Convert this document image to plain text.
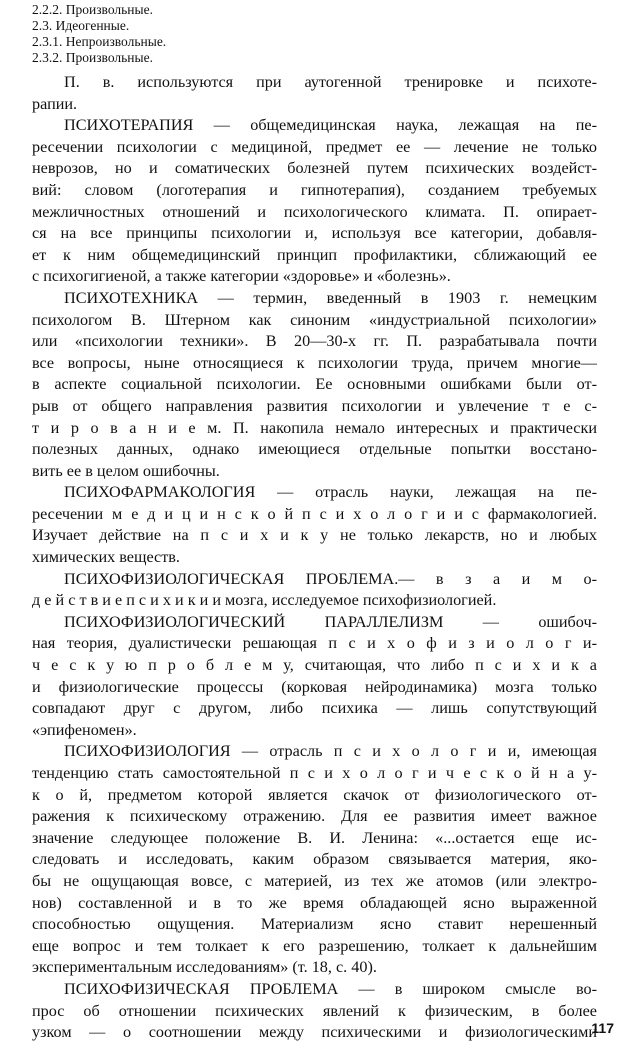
2.2.2. Произвольные.
2.3. Идеогенные.
2.3.1. Непроизвольные.
2.3.2. Произвольные.
П. в. используются при аутогенной тренировке и психоте-
рапии.
ПСИХОТЕРАПИЯ — общемедицинская наука, лежащая на пе-
ресечении психологии с медициной, предмет ее — лечение не только
неврозов, но и соматических болезней путем психических воздейст-
вий: словом (логотерапия и гипнотерапия), созданием требуемых
межличностных отношений и психологического климата. П. опирает-
ся на все принципы психологии и, используя все категории, добавля-
ет к ним общемедицинский принцип профилактики, сближающий ее
с психогигиеной, а также категории «здоровье» и «болезнь».
ПСИХОТЕХНИКА — термин, введенный в 1903 г. немецким
психологом В. Штерном как синоним «индустриальной психологии»
или «психологии техники». В 20—30-х гг. П. разрабатывала почти
все вопросы, ныне относящиеся к психологии труда, причем многие—
в аспекте социальной психологии. Ее основными ошибками были от-
рыв от общего направления развития психологии и увлечение т е с-
т и р о в а н и е м. П. накопила немало интересных и практически
полезных данных, однако имеющиеся отдельные попытки восстано-
вить ее в целом ошибочны.
ПСИХОФАРМАКОЛОГИЯ — отрасль науки, лежащая на пе-
ресечении м е д и ц и н с к о й п с и х о л о г и и с фармакологией.
Изучает действие на п с и х и к у не только лекарств, но и любых
химических веществ.
ПСИХОФИЗИОЛОГИЧЕСКАЯ ПРОБЛЕМА.— в з а и м о-
д е й с т в и е п с и х и к и и мозга, исследуемое психофизиологией.
ПСИХОФИЗИОЛОГИЧЕСКИЙ ПАРАЛЛЕЛИЗМ — ошибоч-
ная теория, дуалистически решающая п с и х о ф и з и о л о г и-
ч е с к у ю п р о б л е м у, считающая, что либо п с и х и к а
и физиологические процессы (корковая нейродинамика) мозга только
совпадают друг с другом, либо психика — лишь сопутствующий
«эпифеномен».
ПСИХОФИЗИОЛОГИЯ — отрасль п с и х о л о г и и, имеющая
тенденцию стать самостоятельной п с и х о л о г и ч е с к о й н а у-
к о й, предметом которой является скачок от физиологического от-
ражения к психическому отражению. Для ее развития имеет важное
значение следующее положение В. И. Ленина: «...остается еще ис-
следовать и исследовать, каким образом связывается материя, яко-
бы не ощущающая вовсе, с материей, из тех же атомов (или электро-
нов) составленной и в то же время обладающей ясно выраженной
способностью ощущения. Материализм ясно ставит нерешенный
еще вопрос и тем толкает к его разрешению, толкает к дальнейшим
экспериментальным исследованиям» (т. 18, с. 40).
ПСИХОФИЗИЧЕСКАЯ ПРОБЛЕМА — в широком смысле во-
прос об отношении психических явлений к физическим, в более
узком — о соотношении между психическими и физиологическими
117
